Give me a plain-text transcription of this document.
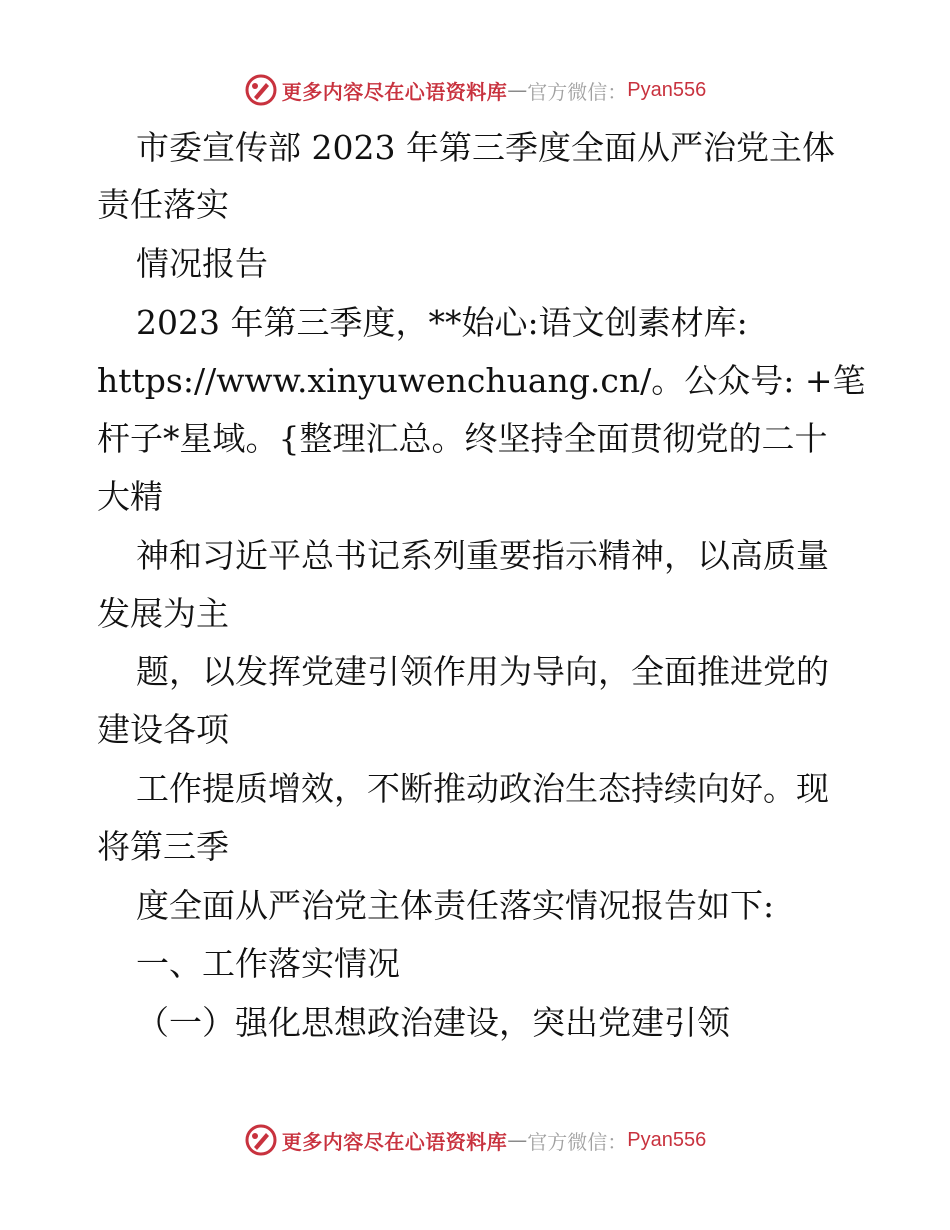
更多内容尽在心语资料库 — 官方微信： Pyan556
市委宣传部 2023 年第三季度全面从严治党主体
责任落实
情况报告
2023 年第三季度，**始心:语文创素材库:
https://www.xinyuwenchuang.cn/。公众号: +笔
杆子*星域。{整理汇总。终坚持全面贯彻党的二十
大精
神和习近平总书记系列重要指示精神，以高质量
发展为主
题，以发挥党建引领作用为导向，全面推进党的
建设各项
工作提质增效，不断推动政治生态持续向好。现
将第三季
度全面从严治党主体责任落实情况报告如下:
一、工作落实情况
（一）强化思想政治建设，突出党建引领
更多内容尽在心语资料库 — 官方微信： Pyan556
